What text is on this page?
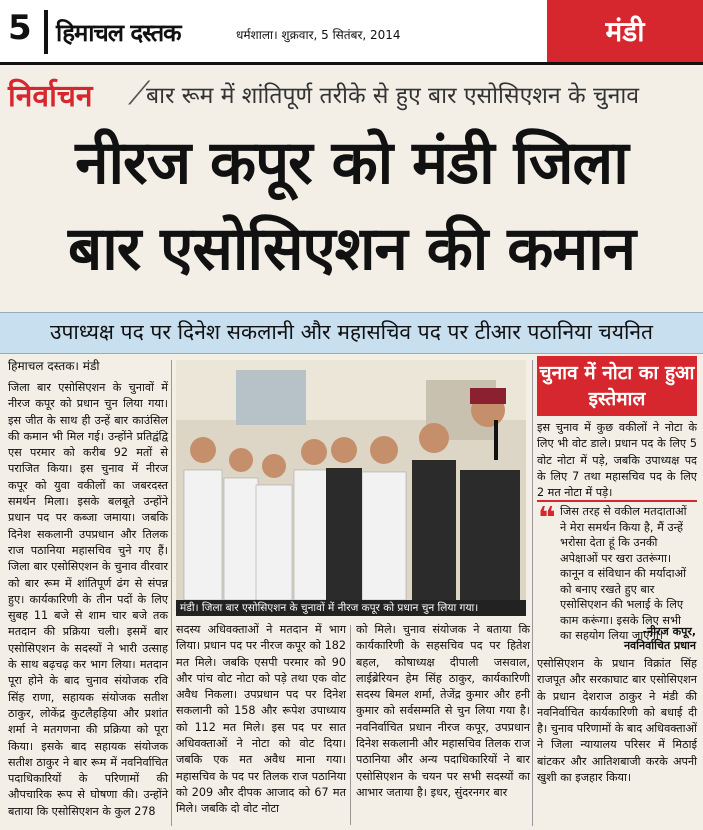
5 हिमाचल दस्तक	धर्मशाला। शुक्रवार, 5 सितंबर, 2014	मंडी
निर्वाचन ⟋
बार रूम में शांतिपूर्ण तरीके से हुए बार एसोसिएशन के चुनाव
नीरज कपूर को मंडी जिला
बार एसोसिएशन की कमान
उपाध्यक्ष पद पर दिनेश सकलानी और महासचिव पद पर टीआर पठानिया चयनित
हिमाचल दस्तक। मंडी
जिला बार एसोसिएशन के चुनावों में नीरज कपूर को प्रधान चुन लिया गया। इस जीत के साथ ही उन्हें बार काउंसिल की कमान भी मिल गई। उन्होंने प्रतिद्वंद्वि एस परमार को करीब 92 मतों से पराजित किया। इस चुनाव में नीरज कपूर को युवा वकीलों का जबरदस्त समर्थन मिला। इसके बलबूते उन्होंने प्रधान पद पर कब्जा जमाया। जबकि दिनेश सकलानी उपप्रधान और तिलक राज पठानिया महासचिव चुने गए हैं। जिला बार एसोसिएशन के चुनाव वीरवार को बार रूम में शांतिपूर्ण ढंग से संपन्न हुए। कार्यकारिणी के तीन पदों के लिए सुबह 11 बजे से शाम चार बजे तक मतदान की प्रक्रिया चली। इसमें बार एसोसिएशन के सदस्यों ने भारी उत्साह के साथ बढ़चढ़ कर भाग लिया। मतदान पूरा होने के बाद चुनाव संयोजक रवि सिंह राणा, सहायक संयोजक सतीश ठाकुर, लोकेंद्र कुटलैहड़िया और प्रशांत शर्मा ने मतगणना की प्रक्रिया को पूरा किया। इसके बाद सहायक संयोजक सतीश ठाकुर ने बार रूम में नवनिर्वाचित पदाधिकारियों के परिणामों की औपचारिक रूप से घोषणा की। उन्होंने बताया कि एसोसिएशन के कुल 278
मंडी। जिला बार एसोसिएशन के चुनावों में नीरज कपूर को प्रधान चुन लिया गया।
सदस्य अधिवक्ताओं ने मतदान में भाग लिया। प्रधान पद पर नीरज कपूर को 182 मत मिले। जबकि एसपी परमार को 90 और पांच वोट नोटा को पड़े तथा एक वोट अवैध निकला। उपप्रधान पद पर दिनेश सकलानी को 158 और रूपेश उपाध्याय को 112 मत मिले। इस पद पर सात अधिवक्ताओं ने नोटा को वोट दिया। जबकि एक मत अवैध माना गया। महासचिव के पद पर तिलक राज पठानिया को 209 और दीपक आजाद को 67 मत मिले। जबकि दो वोट नोटा
को मिले। चुनाव संयोजक ने बताया कि कार्यकारिणी के सहसचिव पद पर हितेश बहल, कोषाध्यक्ष दीपाली जसवाल, लाईब्रेरियन हेम सिंह ठाकुर, कार्यकारिणी सदस्य बिमल शर्मा, तेजेंद्र कुमार और हनी कुमार को सर्वसम्मति से चुन लिया गया है। नवनिर्वाचित प्रधान नीरज कपूर, उपप्रधान दिनेश सकलानी और महासचिव तिलक राज पठानिया और अन्य पदाधिकारियों ने बार एसोसिएशन के चयन पर सभी सदस्यों का आभार जताया है। इधर, सुंदरनगर बार
चुनाव में नोटा का हुआ इस्तेमाल
इस चुनाव में कुछ वकीलों ने नोटा के लिए भी वोट डाले। प्रधान पद के लिए 5 वोट नोटा में पड़े, जबकि उपाध्यक्ष पद के लिए 7 तथा महासचिव पद के लिए 2 मत नोटा में पड़े।
❝ जिस तरह से वकील मतदाताओं ने मेरा समर्थन किया है, मैं उन्हें भरोसा देता हूं कि उनकी अपेक्षाओं पर खरा उतरूंगा। कानून व संविधान की मर्यादाओं को बनाए रखते हुए बार एसोसिएशन की भलाई के लिए काम करूंगा। इसके लिए सभी का सहयोग लिया जाएगा।
-नीरज कपूर,
नवनिर्वाचित प्रधान
एसोसिएशन के प्रधान विक्रांत सिंह राजपूत और सरकाघाट बार एसोसिएशन के प्रधान देशराज ठाकुर ने मंडी की नवनिर्वाचित कार्यकारिणी को बधाई दी है। चुनाव परिणामों के बाद अधिवक्ताओं ने जिला न्यायालय परिसर में मिठाई बांटकर और आतिशबाजी करके अपनी खुशी का इजहार किया।
